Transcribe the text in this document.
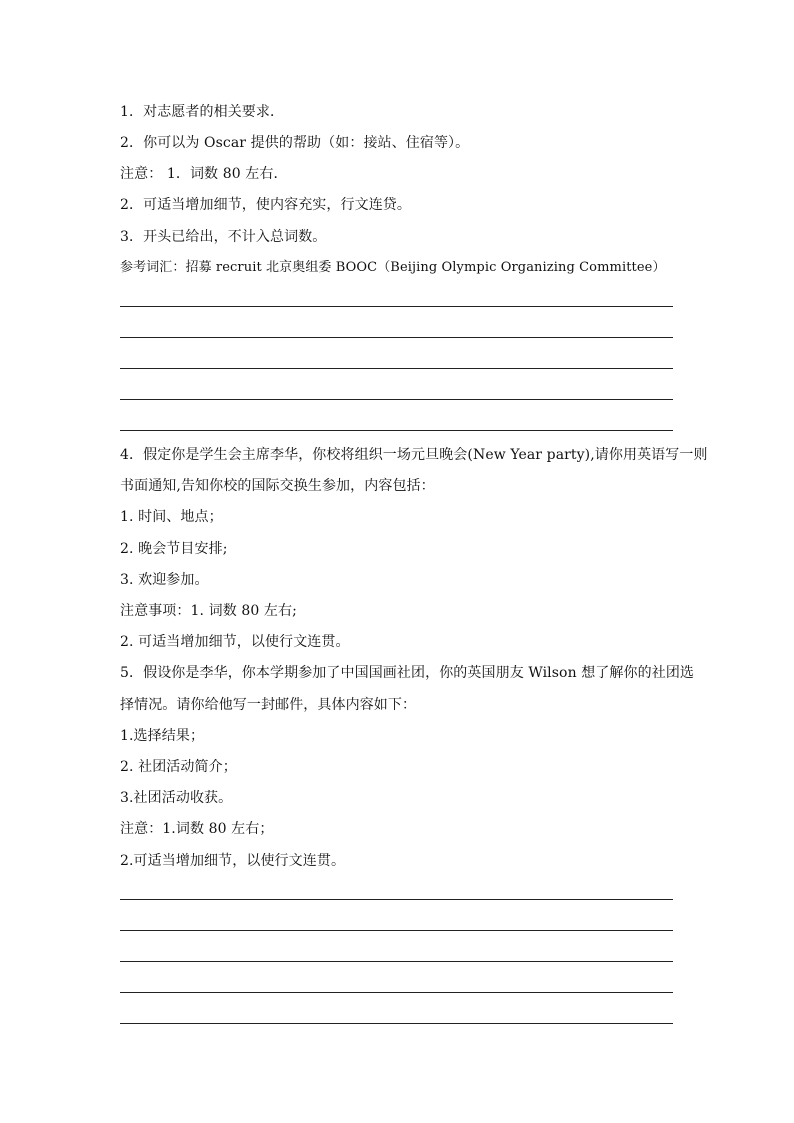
1．对志愿者的相关要求．
2．你可以为 Oscar 提供的帮助（如：接站、住宿等）。
注意： 1．词数 80 左右．
2．可适当增加细节，使内容充实，行文连贷。
3．开头已给出，不计入总词数。
参考词汇：招募 recruit 北京奥组委 BOOC（Beijing Olympic Organizing Committee）
4．假定你是学生会主席李华，你校将组织一场元旦晚会(New Year party),请你用英语写一则
书面通知,告知你校的国际交换生参加，内容包括：
1. 时间、地点；
2. 晚会节目安排;
3. 欢迎参加。
注意事项：1. 词数 80 左右;
2. 可适当增加细节，以使行文连贯。
5．假设你是李华，你本学期参加了中国国画社团，你的英国朋友 Wilson 想了解你的社团选
择情况。请你给他写一封邮件，具体内容如下：
1.选择结果；
2. 社团活动简介；
3.社团活动收获。
注意：1.词数 80 左右；
2.可适当增加细节，以使行文连贯。
